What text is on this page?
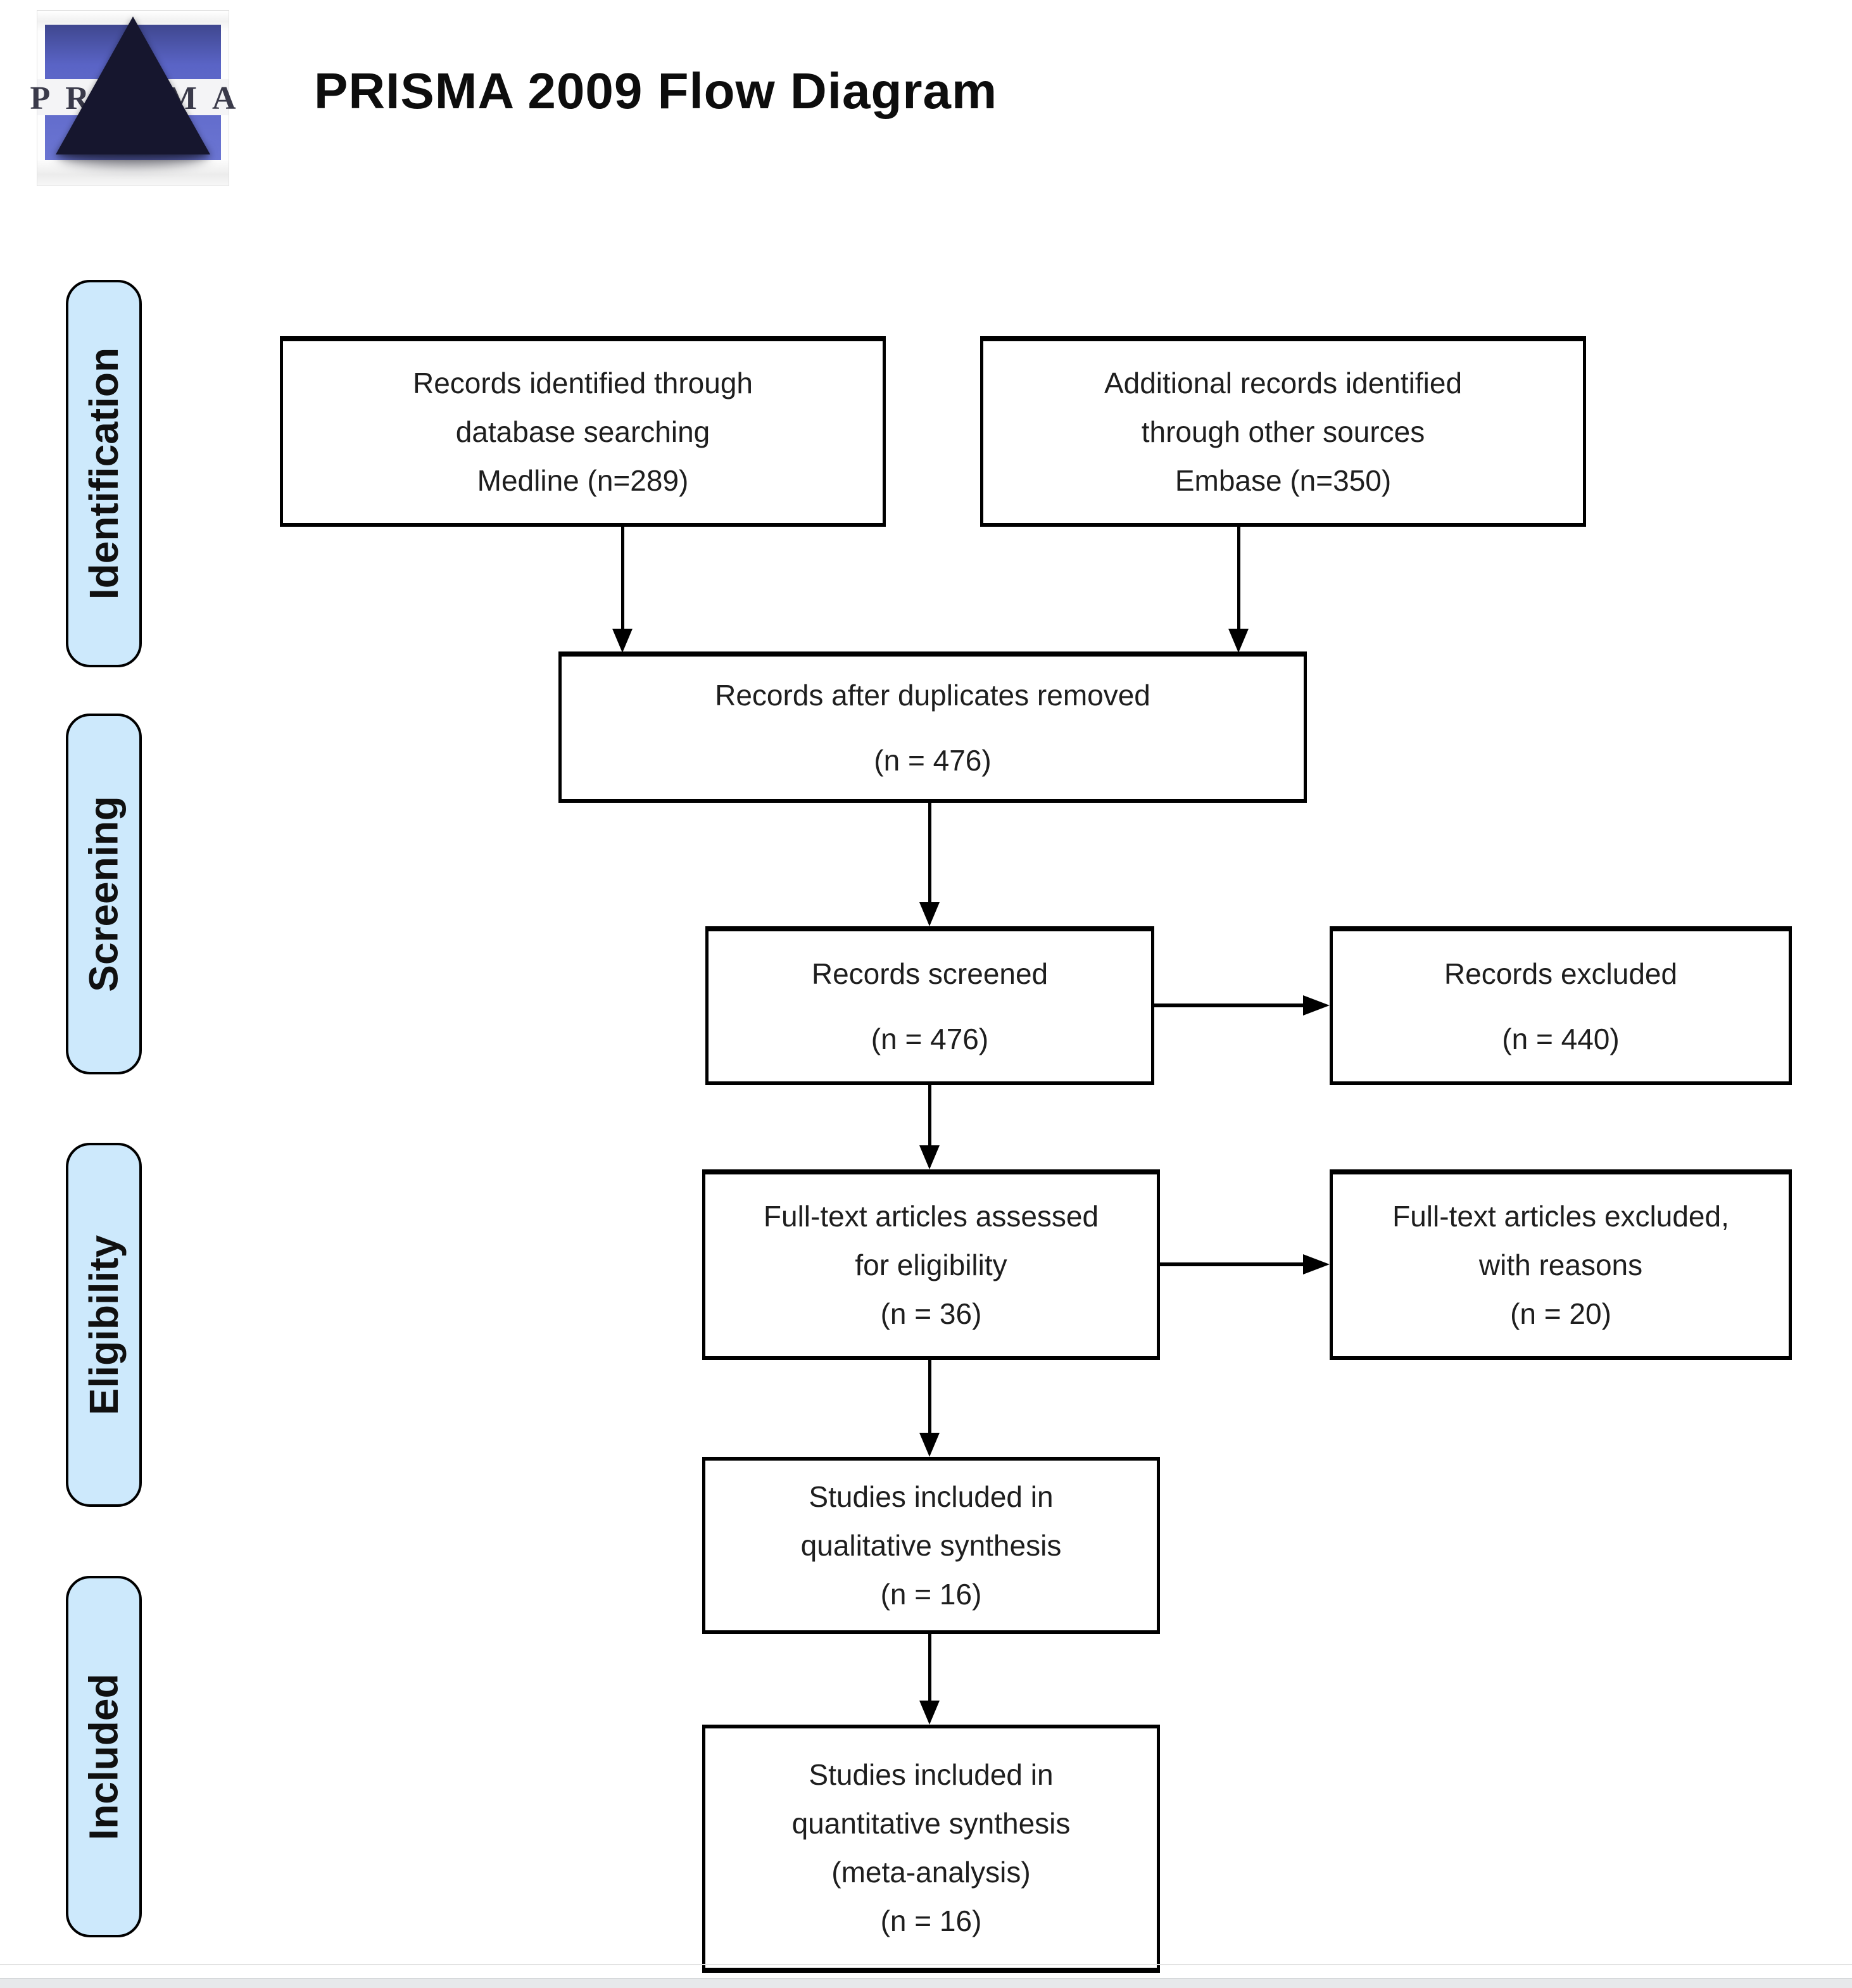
PRISMA PRISMA 2009 Flow Diagram
Identification
Screening
Eligibility
Included
Records identified through
database searching
Medline (n=289)
Additional records identified
through other sources
Embase (n=350)
Records after duplicates removed
(n = 476)
Records screened
(n = 476)
Records excluded
(n = 440)
Full-text articles assessed
for eligibility
(n = 36)
Full-text articles excluded,
with reasons
(n = 20)
Studies included in
qualitative synthesis
(n = 16)
Studies included in
quantitative synthesis
(meta-analysis)
(n = 16)
